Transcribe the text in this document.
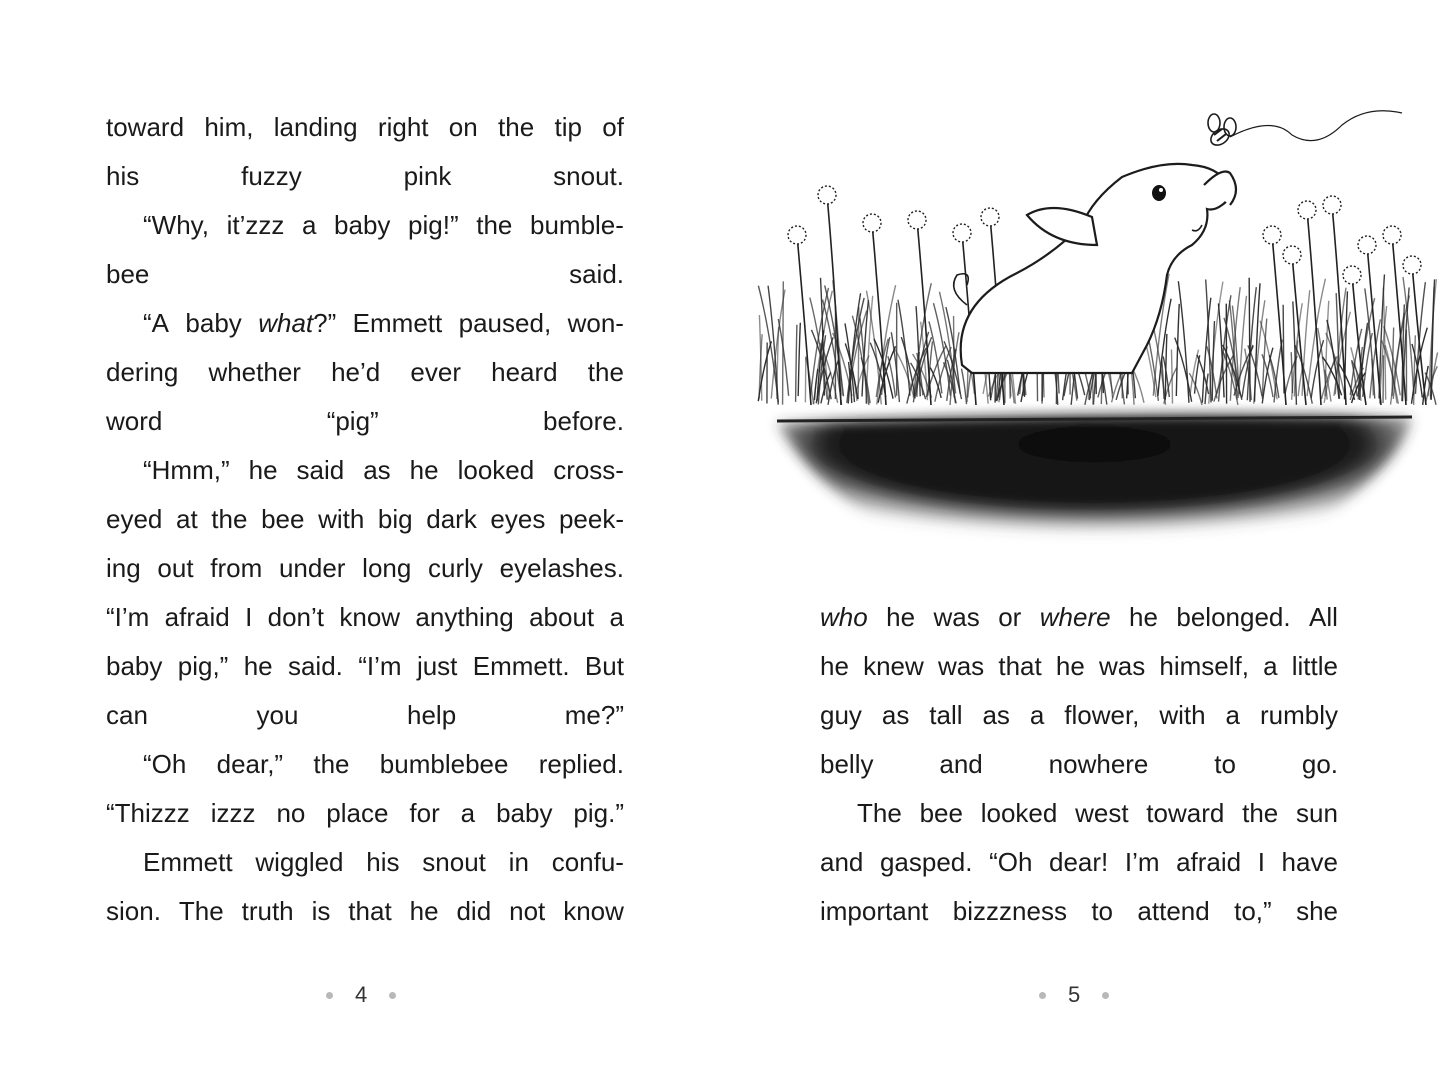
toward him, landing right on the tip of
his	fuzzy	pink	snout.
“Why, it’zzz a baby pig!” the bumble-
bee	said.
“A baby what?” Emmett paused, won-
dering whether he’d ever heard the
word	“pig”	before.
“Hmm,” he said as he looked cross-
eyed at the bee with big dark eyes peek-
ing out from under long curly eyelashes.
“I’m afraid I don’t know anything about a
baby pig,” he said. “I’m just Emmett. But
can	you	help	me?”
“Oh dear,” the bumblebee replied.
“Thizzz izzz no place for a baby pig.”
Emmett wiggled his snout in confu-
sion. The truth is that he did not know
4
who he was or where he belonged. All
he knew was that he was himself, a little
guy as tall as a flower, with a rumbly
belly	and	nowhere	to	go.
The bee looked west toward the sun
and gasped. “Oh dear! I’m afraid I have
important bizzzness to attend to,” she
5
